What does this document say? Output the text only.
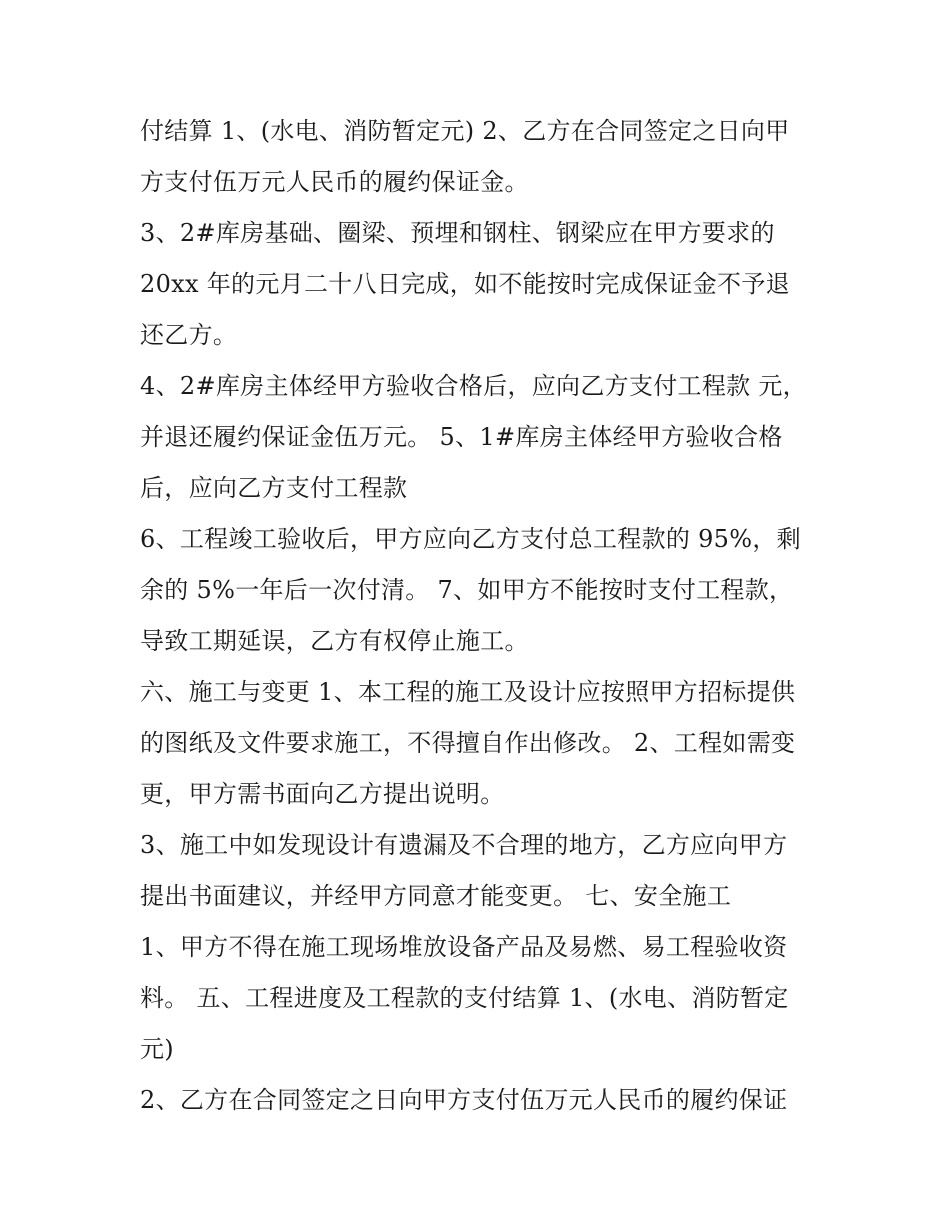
付结算 1、(水电、消防暂定元) 2、乙方在合同签定之日向甲
方支付伍万元人民币的履约保证金。
3、2#库房基础、圈梁、预埋和钢柱、钢梁应在甲方要求的
20xx 年的元月二十八日完成，如不能按时完成保证金不予退
还乙方。
4、2#库房主体经甲方验收合格后，应向乙方支付工程款 元，
并退还履约保证金伍万元。 5、1#库房主体经甲方验收合格
后，应向乙方支付工程款
6、工程竣工验收后，甲方应向乙方支付总工程款的 95%，剩
余的 5%一年后一次付清。 7、如甲方不能按时支付工程款，
导致工期延误，乙方有权停止施工。
六、施工与变更 1、本工程的施工及设计应按照甲方招标提供
的图纸及文件要求施工，不得擅自作出修改。 2、工程如需变
更，甲方需书面向乙方提出说明。
3、施工中如发现设计有遗漏及不合理的地方，乙方应向甲方
提出书面建议，并经甲方同意才能变更。 七、安全施工
1、甲方不得在施工现场堆放设备产品及易燃、易工程验收资
料。 五、工程进度及工程款的支付结算 1、(水电、消防暂定
元)
2、乙方在合同签定之日向甲方支付伍万元人民币的履约保证
